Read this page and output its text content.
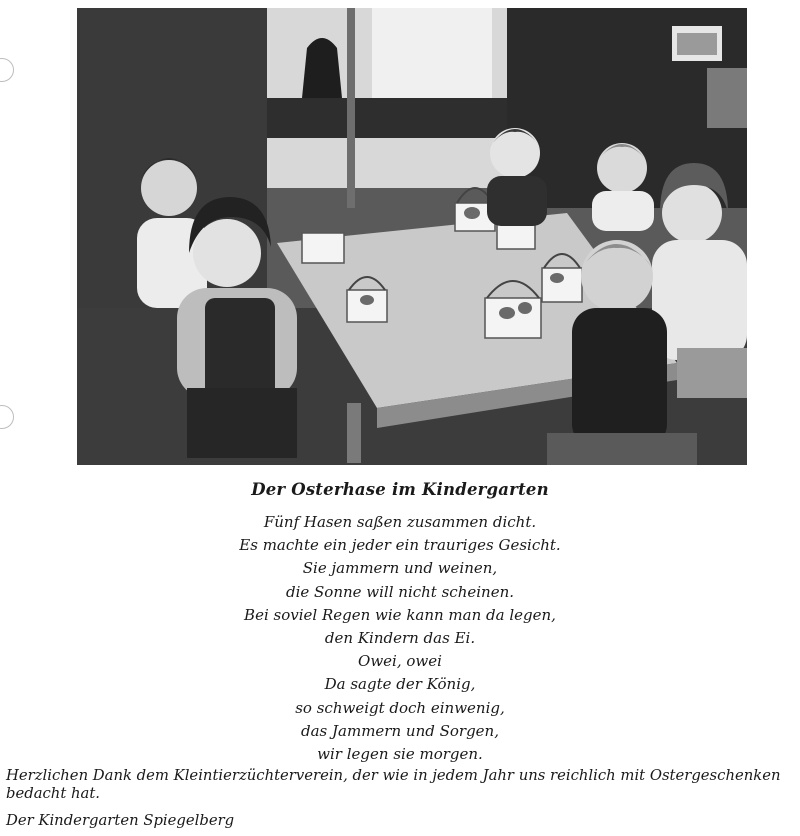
Der Osterhase im Kindergarten
Fünf Hasen saßen zusammen dicht.
Es machte ein jeder ein trauriges Gesicht.
Sie jammern und weinen,
die Sonne will nicht scheinen.
Bei soviel Regen wie kann man da legen,
den Kindern das Ei.
Owei, owei
Da sagte der König,
so schweigt doch einwenig,
das Jammern und Sorgen,
wir legen sie morgen.
Herzlichen Dank dem Kleintierzüchterverein, der wie in jedem Jahr uns reichlich mit Ostergeschenken bedacht hat.
Der Kindergarten Spiegelberg
